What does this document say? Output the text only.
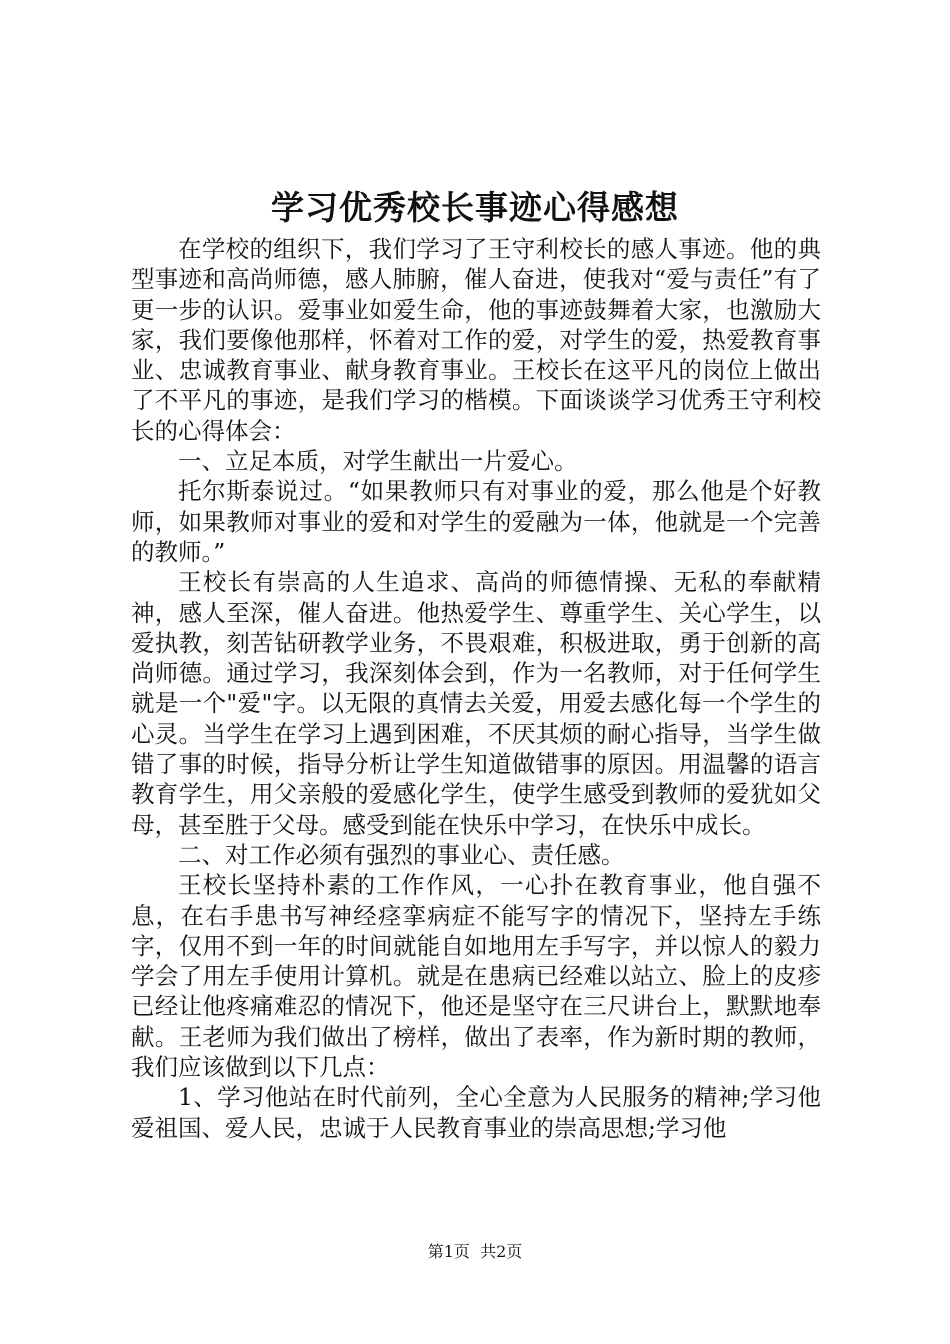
学习优秀校长事迹心得感想

在学校的组织下，我们学习了王守利校长的感人事迹。他的典型事迹和高尚师德，感人肺腑，催人奋进，使我对“爱与责任”有了更一步的认识。爱事业如爱生命，他的事迹鼓舞着大家，也激励大家，我们要像他那样，怀着对工作的爱，对学生的爱，热爱教育事业、忠诚教育事业、献身教育事业。王校长在这平凡的岗位上做出了不平凡的事迹，是我们学习的楷模。下面谈谈学习优秀王守利校长的心得体会：

一、立足本质，对学生献出一片爱心。

托尔斯泰说过。“如果教师只有对事业的爱，那么他是个好教师，如果教师对事业的爱和对学生的爱融为一体，他就是一个完善的教师。”

王校长有崇高的人生追求、高尚的师德情操、无私的奉献精神，感人至深，催人奋进。他热爱学生、尊重学生、关心学生，以爱执教，刻苦钻研教学业务，不畏艰难，积极进取，勇于创新的高尚师德。通过学习，我深刻体会到，作为一名教师，对于任何学生就是一个"爱"字。以无限的真情去关爱，用爱去感化每一个学生的心灵。当学生在学习上遇到困难，不厌其烦的耐心指导，当学生做错了事的时候，指导分析让学生知道做错事的原因。用温馨的语言教育学生，用父亲般的爱感化学生，使学生感受到教师的爱犹如父母，甚至胜于父母。感受到能在快乐中学习，在快乐中成长。

二、对工作必须有强烈的事业心、责任感。

王校长坚持朴素的工作作风，一心扑在教育事业，他自强不息，在右手患书写神经痉挛病症不能写字的情况下，坚持左手练字，仅用不到一年的时间就能自如地用左手写字，并以惊人的毅力学会了用左手使用计算机。就是在患病已经难以站立、脸上的皮疹已经让他疼痛难忍的情况下，他还是坚守在三尺讲台上，默默地奉献。王老师为我们做出了榜样，做出了表率，作为新时期的教师，我们应该做到以下几点：

1、学习他站在时代前列，全心全意为人民服务的精神;学习他爱祖国、爱人民，忠诚于人民教育事业的崇高思想;学习他

第1页 共2页
